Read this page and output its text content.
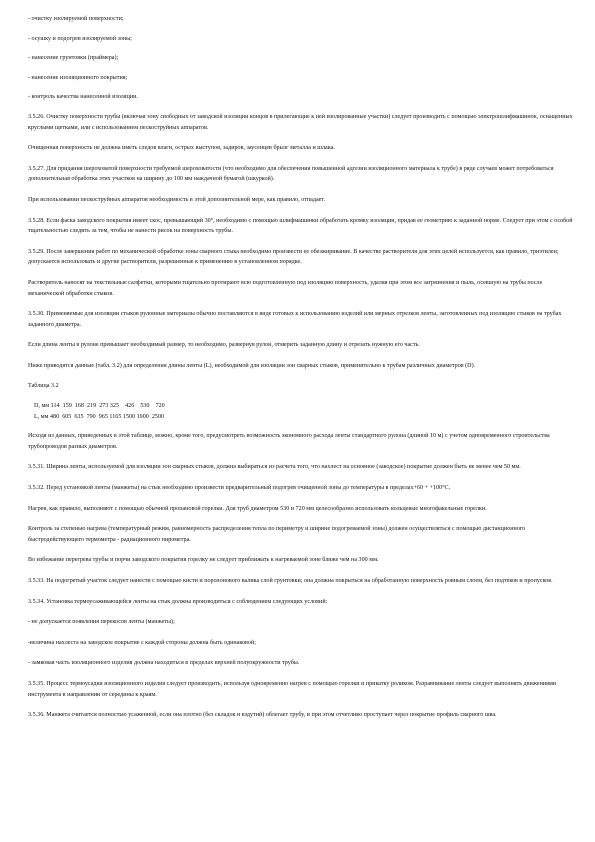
- очистку изолируемой поверхности;

- осушку и подогрев изолируемой зоны;

- нанесение грунтовки (праймера);

- нанесение изоляционного покрытия;

- контроль качества нанесенной изоляции.

3.5.26. Очистку поверхности трубы (включая зону свободных от заводской изоляции концов в прилегающие к ней изолированные участки) следует производить с помощью электрошлифмашинок, оснащенных круглыми щетками, или с использованием пескоструйных аппаратов.

Очищенная поверхность не должна иметь следов влаги, острых выступов, задиров, заусенцев брызг металла и шлака.

3.5.27. Для придания шероховатой поверхности требуемой шероховатости (что необходимо для обеспечения повышенной адгезии изоляционного материала к трубе) в ряде случаев может потребоваться дополнительная обработка этих участков на ширину до 100 мм наждачной бумагой (шкуркой).

При использовании пескоструйных аппаратов необходимость в этой дополнительной мере, как правило, отпадает.

3.5.28. Если фаска заводского покрытия имеет скос, превышающий 30°, необходимо с помощью шлифмашинки обработать кромку изоляции, придав ее геометрию к заданной норме. Следует при этом с особой тщательностью следить за тем, чтобы не нанести рисок на поверхность трубы.

3.5.29. После завершения работ по механической обработке зоны сварного стыка необходимо произвести ее обезжиривание. В качестве растворителя для этих целей используется, как правило, триэтилен; допускается использовать и другие растворители, разрешенные к применению в установленном порядке.

Растворитель наносят на текстильные салфетки, которыми тщательно протирают всю подготовленную под изоляцию поверхность, удаляя при этом все загрязнения и пыль, осевшую на трубы после механической обработки стыков.

3.5.30. Применяемые для изоляции стыков рулонные материалы обычно поставляются в виде готовых к использованию изделий или мерных отрезков ленты, заготовленных под изоляцию стыков на трубах заданного диаметра.

Если длина ленты в рулоне превышает необходимый размер, то необходимо, развернув рулон, отмерить заданную длину и отрезать нужную его часть.

Ниже приводятся данные (табл. 3.2) для определения длины ленты (L), необходимой для изоляции зон сварных стыков, применительно к трубам различных диаметров (D).

Таблица 3.2
D, мм 114  159  168  219  273 325    426    530    720
L, мм 480  605  635  790  965 1165 1500 1900  2500

Исходя из данных, приведенных в этой таблице, можно, кроме того, предусмотреть возможность экономного расхода ленты стандартного рулона (длиной 10 м) с учетом одновременного строительства трубопроводов разных диаметров.

3.5.31. Ширина ленты, используемой для изоляции зон сварных стыков, должна выбираться из расчета того, что нахлест на основное (заводское) покрытие должен быть не менее чем 50 мм.

3.5.32. Перед установкой ленты (манжеты) на стык необходимо произвести предварительный подогрев очищенной зоны до температуры в пределах+60 + +100°С.

Нагрев, как правило, выполняют с помощью обычной пропановой горелки. Для труб диаметром 530 и 720 мм целесообразно использовать кольцевые многофакельные горелки.

Контроль за степенью нагрева (температурный режим, равномерность распределения тепла по периметру и ширине подогреваемой зоны) должен осуществляться с помощью дистанционного быстродействующего термометра - радиационного пирометра.

Во избежание перегрева трубы и порчи заводского покрытия горелку не следует приближать к нагреваемой зоне ближе чем на 300 мм.

3.5.33. На подогретый участок следует нанести с помощью кисти и поролонового валика слой грунтовки; она должна покрыться на обработанную поверхность ровным слоем, без подтеков и пропусков.

3.5.34. Установка термоусаживающейся ленты на стык должна производиться с соблюдением следующих условий:

- не допускается появления перекосов ленты (манжеты);

-величина нахлеста на заводское покрытие с каждой стороны должна быть одинаковой;

- замковая часть изоляционного изделия должна находиться в пределах верхней полуокружности трубы.

3.5.35. Процесс термоусадки изоляционного изделия следует производить, используя одновременно нагрев с помощью горелки и прикатку роликом. Разравнивание ленты следует выполнять движениями инструмента в направлении от середины к краям.

3.5.36. Манжета считается полностью усаженной, если она плотно (без складок и вздутий) облегает трубу, и при этом отчетливо проступает через покрытие профиль сварного шва.
